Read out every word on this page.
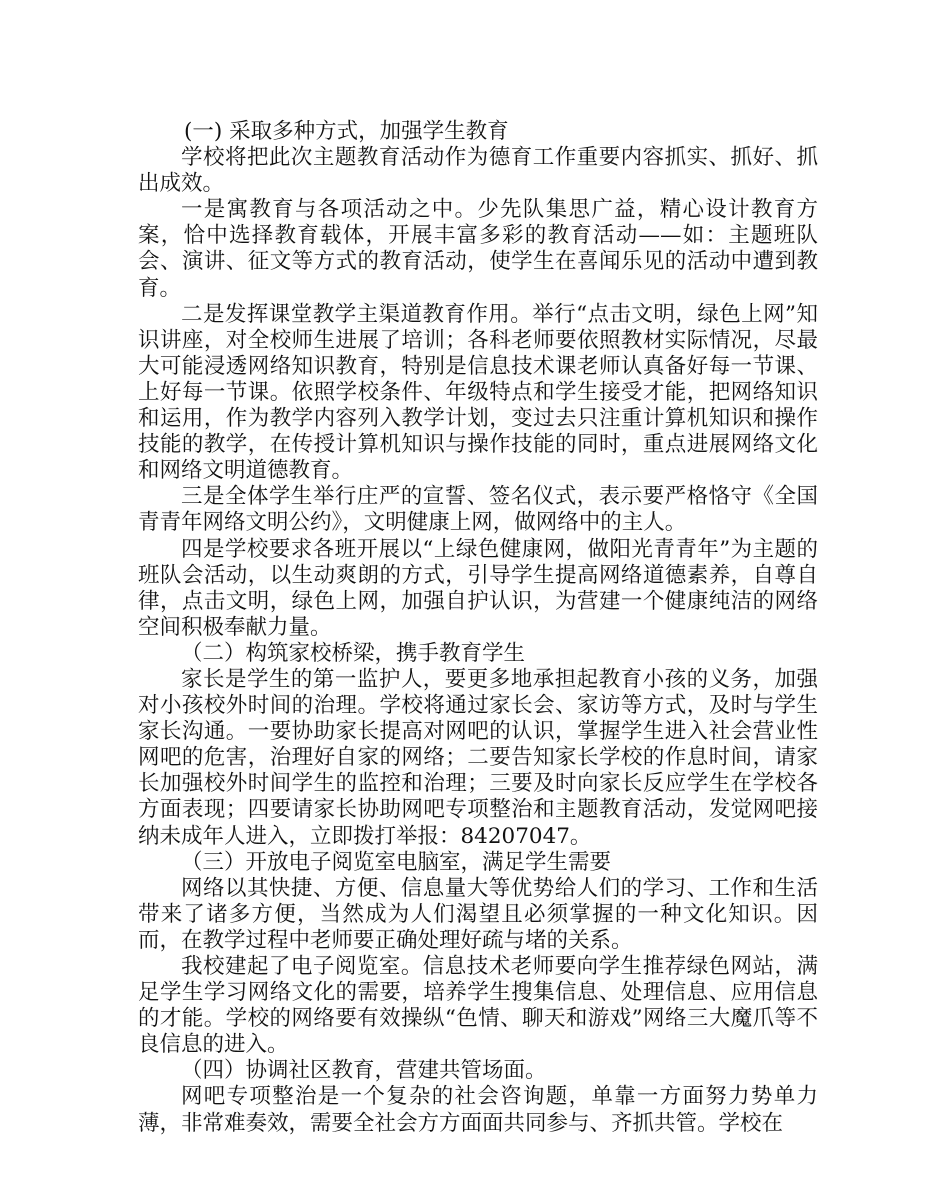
(一) 采取多种方式，加强学生教育

学校将把此次主题教育活动作为德育工作重要内容抓实、抓好、抓出成效。

一是寓教育与各项活动之中。少先队集思广益，精心设计教育方案，恰中选择教育载体，开展丰富多彩的教育活动——如：主题班队会、演讲、征文等方式的教育活动，使学生在喜闻乐见的活动中遭到教育。

二是发挥课堂教学主渠道教育作用。举行“点击文明，绿色上网”知识讲座，对全校师生进展了培训；各科老师要依照教材实际情况，尽最大可能浸透网络知识教育，特别是信息技术课老师认真备好每一节课、上好每一节课。依照学校条件、年级特点和学生接受才能，把网络知识和运用，作为教学内容列入教学计划，变过去只注重计算机知识和操作技能的教学，在传授计算机知识与操作技能的同时，重点进展网络文化和网络文明道德教育。

三是全体学生举行庄严的宣誓、签名仪式，表示要严格恪守《全国青青年网络文明公约》，文明健康上网，做网络中的主人。

四是学校要求各班开展以“上绿色健康网，做阳光青青年”为主题的班队会活动，以生动爽朗的方式，引导学生提高网络道德素养，自尊自律，点击文明，绿色上网，加强自护认识，为营建一个健康纯洁的网络空间积极奉献力量。

（二）构筑家校桥梁，携手教育学生

家长是学生的第一监护人，要更多地承担起教育小孩的义务，加强对小孩校外时间的治理。学校将通过家长会、家访等方式，及时与学生家长沟通。一要协助家长提高对网吧的认识，掌握学生进入社会营业性网吧的危害，治理好自家的网络；二要告知家长学校的作息时间，请家长加强校外时间学生的监控和治理；三要及时向家长反应学生在学校各方面表现；四要请家长协助网吧专项整治和主题教育活动，发觉网吧接纳未成年人进入，立即拨打举报：84207047。

（三）开放电子阅览室电脑室，满足学生需要

网络以其快捷、方便、信息量大等优势给人们的学习、工作和生活带来了诸多方便，当然成为人们渴望且必须掌握的一种文化知识。因而，在教学过程中老师要正确处理好疏与堵的关系。

我校建起了电子阅览室。信息技术老师要向学生推荐绿色网站，满足学生学习网络文化的需要，培养学生搜集信息、处理信息、应用信息的才能。学校的网络要有效操纵“色情、聊天和游戏”网络三大魔爪等不良信息的进入。

（四）协调社区教育，营建共管场面。

网吧专项整治是一个复杂的社会咨询题，单靠一方面努力势单力薄，非常难奏效，需要全社会方方面面共同参与、齐抓共管。学校在
